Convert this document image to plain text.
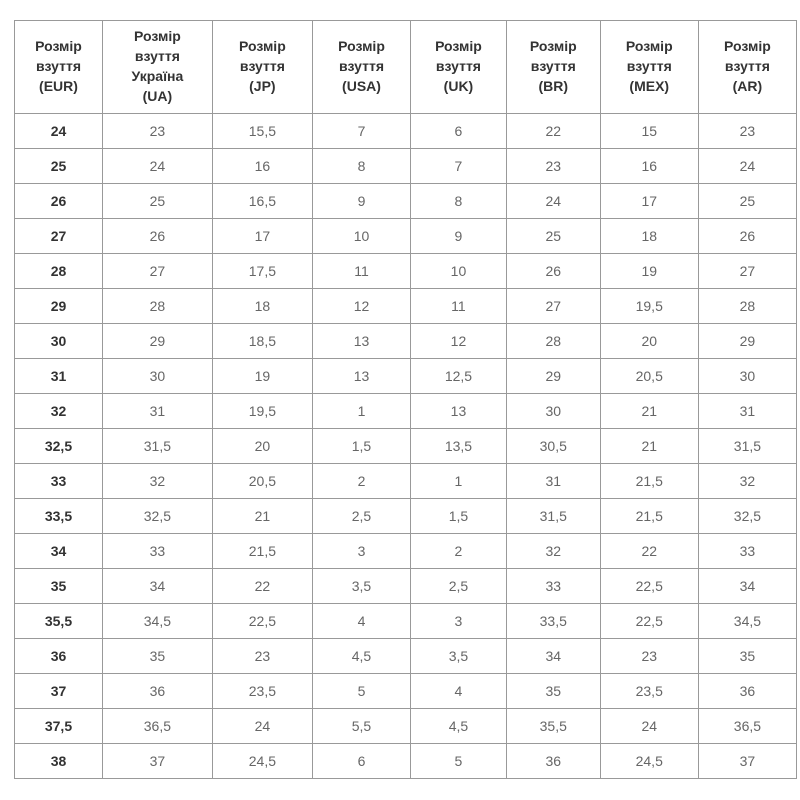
Розмір
взуття
(EUR)	Розмір
взуття
Україна
(UA)	Розмір
взуття
(JP)	Розмір
взуття
(USA)	Розмір
взуття
(UK)	Розмір
взуття
(BR)	Розмір
взуття
(MEX)	Розмір
взуття
(AR)

24	23	15,5	7	6	22	15	23
25	24	16	8	7	23	16	24
26	25	16,5	9	8	24	17	25
27	26	17	10	9	25	18	26
28	27	17,5	11	10	26	19	27
29	28	18	12	11	27	19,5	28
30	29	18,5	13	12	28	20	29
31	30	19	13	12,5	29	20,5	30
32	31	19,5	1	13	30	21	31
32,5	31,5	20	1,5	13,5	30,5	21	31,5
33	32	20,5	2	1	31	21,5	32
33,5	32,5	21	2,5	1,5	31,5	21,5	32,5
34	33	21,5	3	2	32	22	33
35	34	22	3,5	2,5	33	22,5	34
35,5	34,5	22,5	4	3	33,5	22,5	34,5
36	35	23	4,5	3,5	34	23	35
37	36	23,5	5	4	35	23,5	36
37,5	36,5	24	5,5	4,5	35,5	24	36,5
38	37	24,5	6	5	36	24,5	37
